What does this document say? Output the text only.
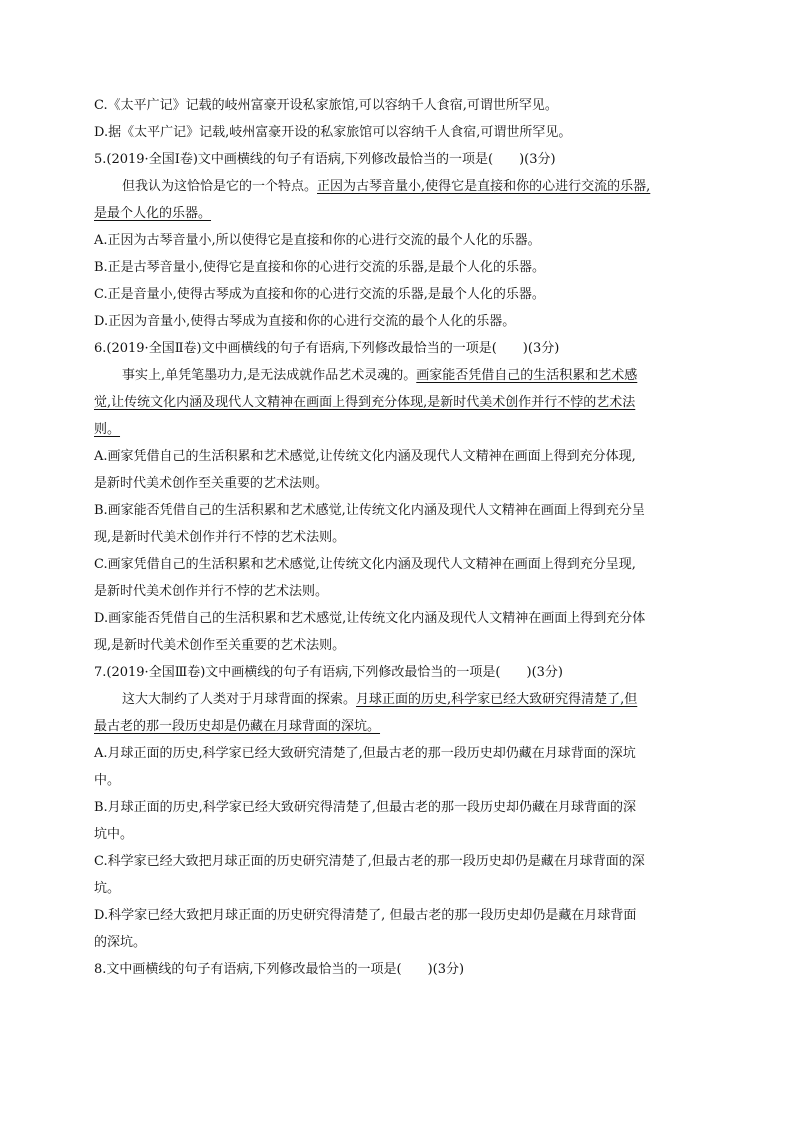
C.《太平广记》记载的岐州富豪开设私家旅馆,可以容纳千人食宿,可谓世所罕见。
D.据《太平广记》记载,岐州富豪开设的私家旅馆可以容纳千人食宿,可谓世所罕见。
5.(2019·全国Ⅰ卷)文中画横线的句子有语病,下列修改最恰当的一项是(　　)(3分)
但我认为这恰恰是它的一个特点。正因为古琴音量小,使得它是直接和你的心进行交流的乐器,
是最个人化的乐器。
A.正因为古琴音量小,所以使得它是直接和你的心进行交流的最个人化的乐器。
B.正是古琴音量小,使得它是直接和你的心进行交流的乐器,是最个人化的乐器。
C.正是音量小,使得古琴成为直接和你的心进行交流的乐器,是最个人化的乐器。
D.正因为音量小,使得古琴成为直接和你的心进行交流的最个人化的乐器。
6.(2019·全国Ⅱ卷)文中画横线的句子有语病,下列修改最恰当的一项是(　　)(3分)
事实上,单凭笔墨功力,是无法成就作品艺术灵魂的。画家能否凭借自己的生活积累和艺术感
觉,让传统文化内涵及现代人文精神在画面上得到充分体现,是新时代美术创作并行不悖的艺术法
则。
A.画家凭借自己的生活积累和艺术感觉,让传统文化内涵及现代人文精神在画面上得到充分体现,
是新时代美术创作至关重要的艺术法则。
B.画家能否凭借自己的生活积累和艺术感觉,让传统文化内涵及现代人文精神在画面上得到充分呈
现,是新时代美术创作并行不悖的艺术法则。
C.画家凭借自己的生活积累和艺术感觉,让传统文化内涵及现代人文精神在画面上得到充分呈现,
是新时代美术创作并行不悖的艺术法则。
D.画家能否凭借自己的生活积累和艺术感觉,让传统文化内涵及现代人文精神在画面上得到充分体
现,是新时代美术创作至关重要的艺术法则。
7.(2019·全国Ⅲ卷)文中画横线的句子有语病,下列修改最恰当的一项是(　　)(3分)
这大大制约了人类对于月球背面的探索。月球正面的历史,科学家已经大致研究得清楚了,但
最古老的那一段历史却是仍藏在月球背面的深坑。
A.月球正面的历史,科学家已经大致研究清楚了,但最古老的那一段历史却仍藏在月球背面的深坑
中。
B.月球正面的历史,科学家已经大致研究得清楚了,但最古老的那一段历史却仍藏在月球背面的深
坑中。
C.科学家已经大致把月球正面的历史研究清楚了,但最古老的那一段历史却仍是藏在月球背面的深
坑。
D.科学家已经大致把月球正面的历史研究得清楚了, 但最古老的那一段历史却仍是藏在月球背面
的深坑。
8.文中画横线的句子有语病,下列修改最恰当的一项是(　　)(3分)
